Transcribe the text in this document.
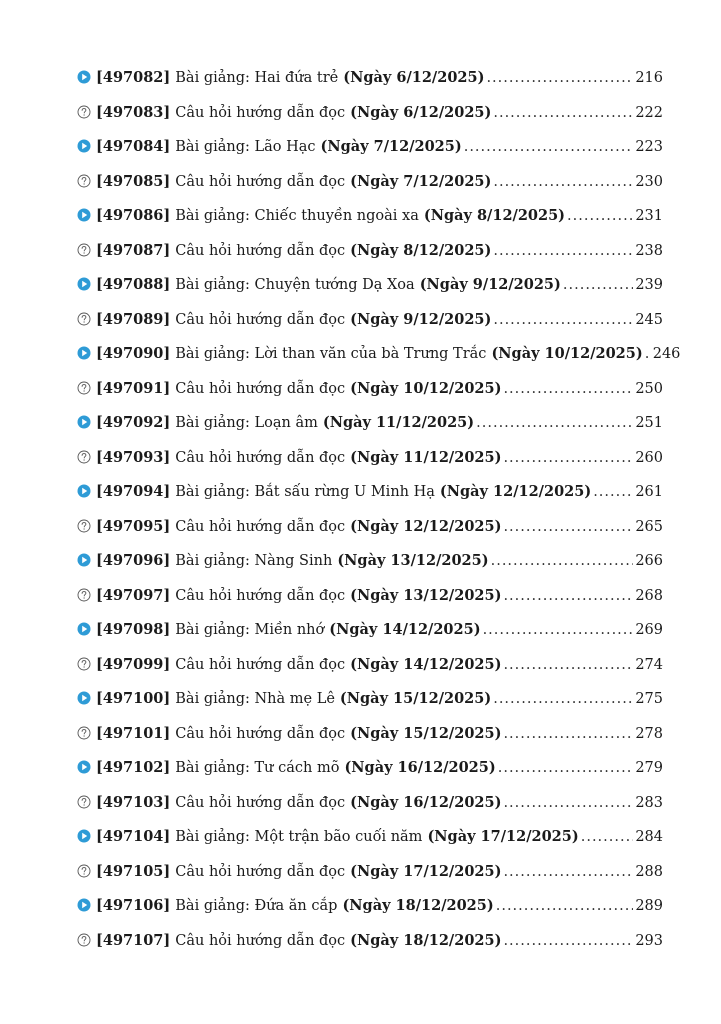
[497082] Bài giảng: Hai đứa trẻ (Ngày 6/12/2025) .....	216
[497083] Câu hỏi hướng dẫn đọc (Ngày 6/12/2025) .....	222
[497084] Bài giảng: Lão Hạc (Ngày 7/12/2025) .....	223
[497085] Câu hỏi hướng dẫn đọc (Ngày 7/12/2025) .....	230
[497086] Bài giảng: Chiếc thuyền ngoài xa (Ngày 8/12/2025) .....	231
[497087] Câu hỏi hướng dẫn đọc (Ngày 8/12/2025) .....	238
[497088] Bài giảng: Chuyện tướng Dạ Xoa (Ngày 9/12/2025) .....	239
[497089] Câu hỏi hướng dẫn đọc (Ngày 9/12/2025) .....	245
[497090] Bài giảng: Lời than văn của bà Trưng Trắc (Ngày 10/12/2025) ..... 246
[497091] Câu hỏi hướng dẫn đọc (Ngày 10/12/2025) .....	250
[497092] Bài giảng: Loạn âm (Ngày 11/12/2025) .....	251
[497093] Câu hỏi hướng dẫn đọc (Ngày 11/12/2025) .....	260
[497094] Bài giảng: Bắt sấu rừng U Minh Hạ (Ngày 12/12/2025) .....	261
[497095] Câu hỏi hướng dẫn đọc (Ngày 12/12/2025) .....	265
[497096] Bài giảng: Nàng Sinh (Ngày 13/12/2025) .....	266
[497097] Câu hỏi hướng dẫn đọc (Ngày 13/12/2025) .....	268
[497098] Bài giảng: Miền nhớ (Ngày 14/12/2025) .....	269
[497099] Câu hỏi hướng dẫn đọc (Ngày 14/12/2025) .....	274
[497100] Bài giảng: Nhà mẹ Lê (Ngày 15/12/2025) .....	275
[497101] Câu hỏi hướng dẫn đọc (Ngày 15/12/2025) .....	278
[497102] Bài giảng: Tư cách mõ (Ngày 16/12/2025) .....	279
[497103] Câu hỏi hướng dẫn đọc (Ngày 16/12/2025) .....	283
[497104] Bài giảng: Một trận bão cuối năm (Ngày 17/12/2025) .....	284
[497105] Câu hỏi hướng dẫn đọc (Ngày 17/12/2025) .....	288
[497106] Bài giảng: Đứa ăn cắp (Ngày 18/12/2025) .....	289
[497107] Câu hỏi hướng dẫn đọc (Ngày 18/12/2025) .....	293
